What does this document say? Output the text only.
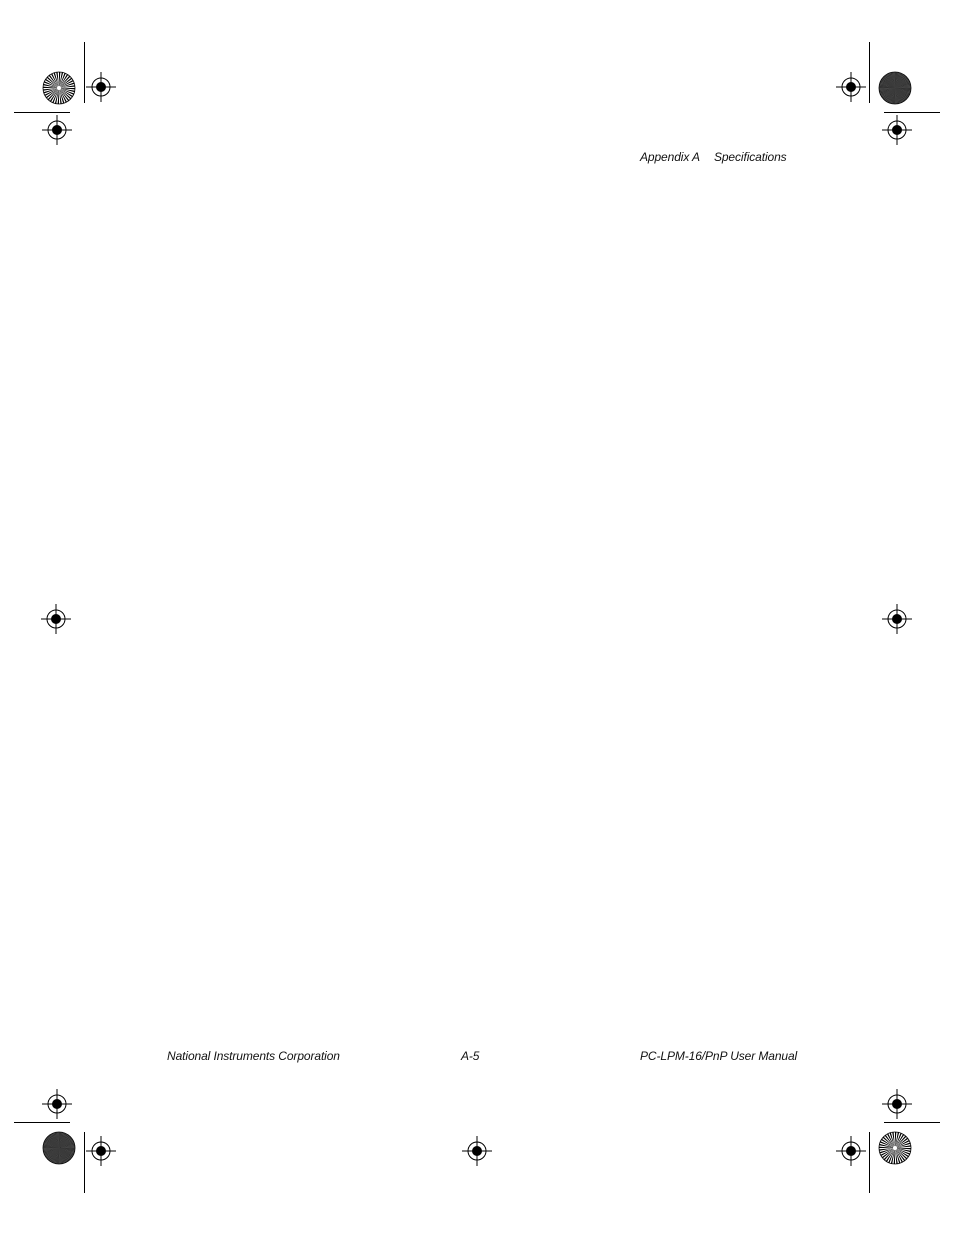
Appendix A Specifications
National Instruments Corporation	A-5	PC-LPM-16/PnP User Manual
